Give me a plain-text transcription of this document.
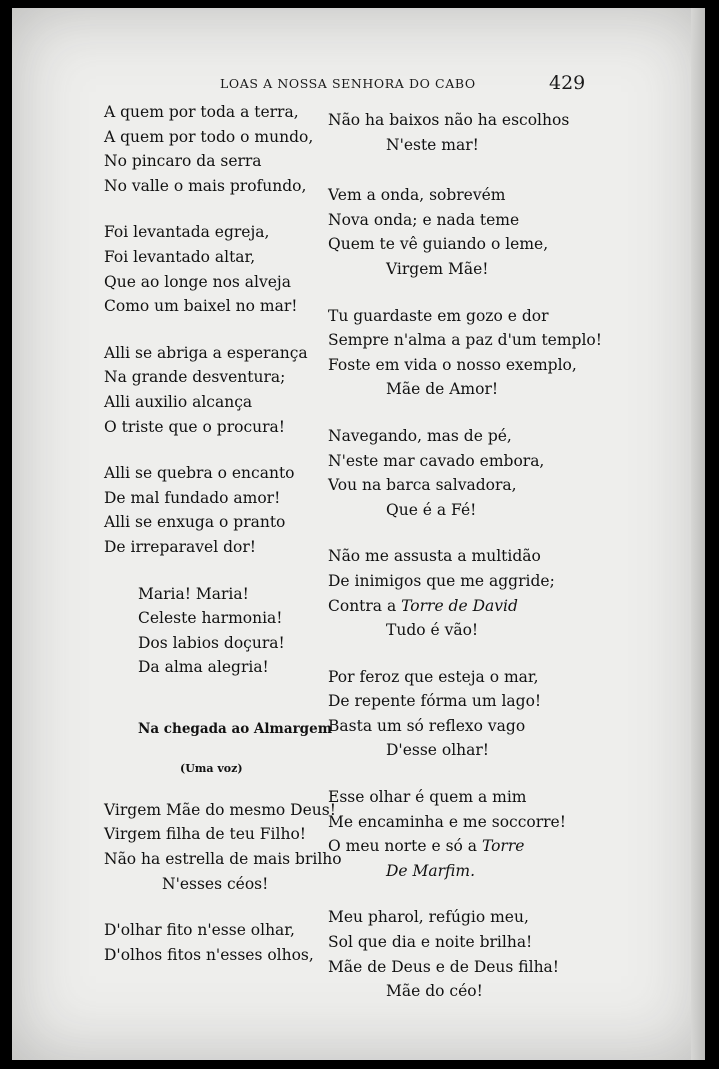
LOAS A NOSSA SENHORA DO CABO	429
A quem por toda a terra,
A quem por todo o mundo,
No pincaro da serra
No valle o mais profundo,
Foi levantada egreja,
Foi levantado altar,
Que ao longe nos alveja
Como um baixel no mar!
Alli se abriga a esperança
Na grande desventura;
Alli auxilio alcança
O triste que o procura!
Alli se quebra o encanto
De mal fundado amor!
Alli se enxuga o pranto
De irreparavel dor!
Maria! Maria!
Celeste harmonia!
Dos labios doçura!
Da alma alegria!
Na chegada ao Almargem
(Uma voz)
Virgem Mãe do mesmo Deus!
Virgem filha de teu Filho!
Não ha estrella de mais brilho
N'esses céos!
D'olhar fito n'esse olhar,
D'olhos fitos n'esses olhos,
Não ha baixos não ha escolhos
N'este mar!
Vem a onda, sobrevém
Nova onda; e nada teme
Quem te vê guiando o leme,
Virgem Mãe!
Tu guardaste em gozo e dor
Sempre n'alma a paz d'um templo!
Foste em vida o nosso exemplo,
Mãe de Amor!
Navegando, mas de pé,
N'este mar cavado embora,
Vou na barca salvadora,
Que é a Fé!
Não me assusta a multidão
De inimigos que me aggride;
Contra a Torre de David
Tudo é vão!
Por feroz que esteja o mar,
De repente fórma um lago!
Basta um só reflexo vago
D'esse olhar!
Esse olhar é quem a mim
Me encaminha e me soccorre!
O meu norte e só a Torre
De Marfim.
Meu pharol, refúgio meu,
Sol que dia e noite brilha!
Mãe de Deus e de Deus filha!
Mãe do céo!
